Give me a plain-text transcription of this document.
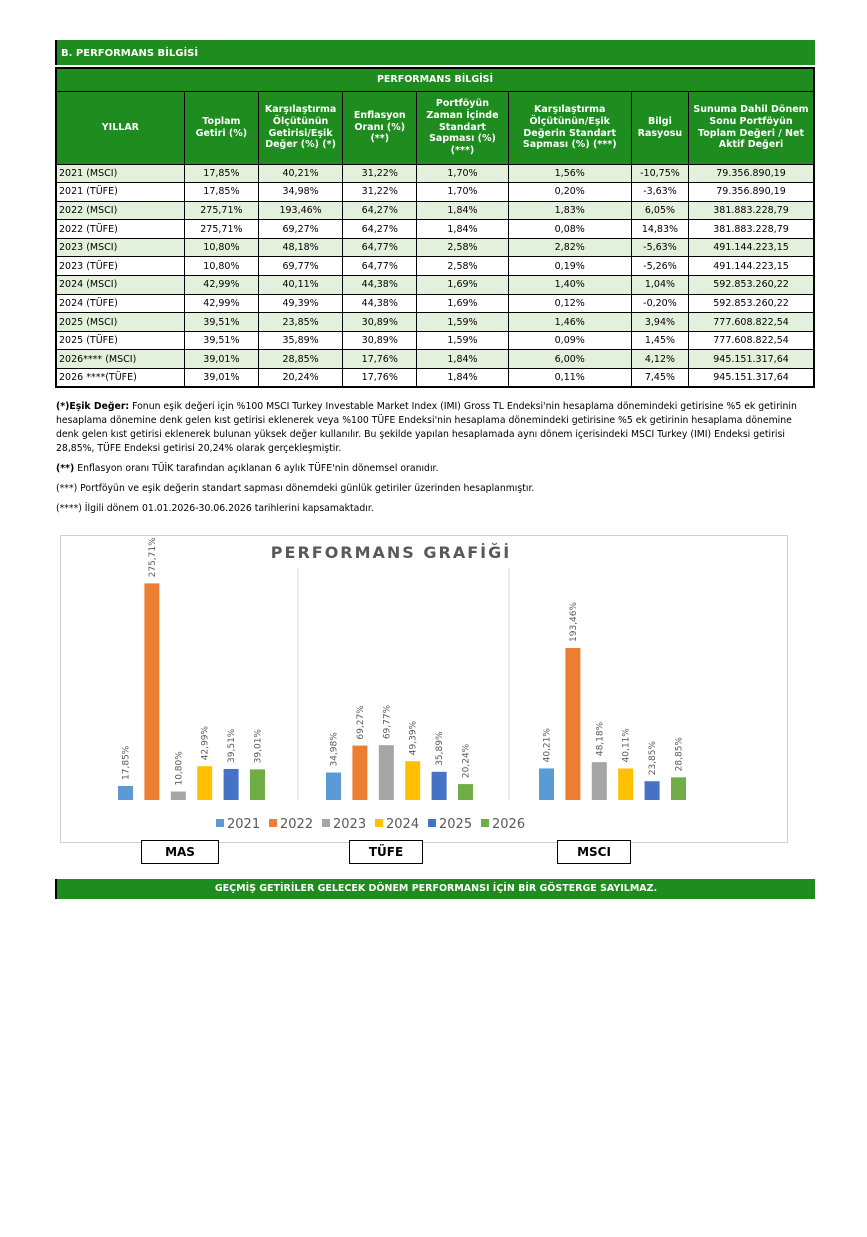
B. PERFORMANS BİLGİSİ
PERFORMANS BİLGİSİ							
YILLAR	Toplam Getiri (%)	Karşılaştırma Ölçütünün Getirisi/Eşik Değer (%) (*)	Enflasyon Oranı (%) (**)	Portföyün Zaman İçinde Standart Sapması (%) (***)	Karşılaştırma Ölçütünün/Eşik Değerin Standart Sapması (%) (***)	Bilgi Rasyosu	Sunuma Dahil Dönem Sonu Portföyün Toplam Değeri / Net Aktif Değeri
2021 (MSCI)	17,85%	40,21%	31,22%	1,70%	1,56%	-10,75%	79.356.890,19
2021 (TÜFE)	17,85%	34,98%	31,22%	1,70%	0,20%	-3,63%	79.356.890,19
2022 (MSCI)	275,71%	193,46%	64,27%	1,84%	1,83%	6,05%	381.883.228,79
2022 (TÜFE)	275,71%	69,27%	64,27%	1,84%	0,08%	14,83%	381.883.228,79
2023 (MSCI)	10,80%	48,18%	64,77%	2,58%	2,82%	-5,63%	491.144.223,15
2023 (TÜFE)	10,80%	69,77%	64,77%	2,58%	0,19%	-5,26%	491.144.223,15
2024 (MSCI)	42,99%	40,11%	44,38%	1,69%	1,40%	1,04%	592.853.260,22
2024 (TÜFE)	42,99%	49,39%	44,38%	1,69%	0,12%	-0,20%	592.853.260,22
2025 (MSCI)	39,51%	23,85%	30,89%	1,59%	1,46%	3,94%	777.608.822,54
2025 (TÜFE)	39,51%	35,89%	30,89%	1,59%	0,09%	1,45%	777.608.822,54
2026**** (MSCI)	39,01%	28,85%	17,76%	1,84%	6,00%	4,12%	945.151.317,64
2026 ****(TÜFE)	39,01%	20,24%	17,76%	1,84%	0,11%	7,45%	945.151.317,64

(*)Eşik Değer: Fonun eşik değeri için %100 MSCI Turkey Investable Market Index (IMI) Gross TL Endeksi'nin hesaplama dönemindeki getirisine %5 ek getirinin hesaplama dönemine denk gelen kıst getirisi eklenerek veya %100 TÜFE Endeksi'nin hesaplama dönemindeki getirisine %5 ek getirinin hesaplama dönemine denk gelen kıst getirisi eklenerek bulunan yüksek değer kullanılır. Bu şekilde yapılan hesaplamada aynı dönem içerisindeki MSCI Turkey (IMI) Endeksi getirisi 28,85%, TÜFE Endeksi getirisi 20,24% olarak gerçekleşmiştir.

(**) Enflasyon oranı TÜİK tarafından açıklanan 6 aylık TÜFE'nin dönemsel oranıdır.

(***) Portföyün ve eşik değerin standart sapması dönemdeki günlük getiriler üzerinden hesaplanmıştır.

(****) İlgili dönem 01.01.2026-30.06.2026 tarihlerini kapsamaktadır.

PERFORMANS GRAFİĞİ
17,85%
275,71%
10,80%
42,99% 39,51% 39,01%	34,98%
69,27% 69,77% 49,39% 35,89% 20,24%	40,21%
193,46%
48,18% 40,11% 23,85% 28,85%
2021 2022 2023 2024 2025 2026
MAS	TÜFE	MSCI
GEÇMİŞ GETİRİLER GELECEK DÖNEM PERFORMANSI İÇİN BİR GÖSTERGE SAYILMAZ.
